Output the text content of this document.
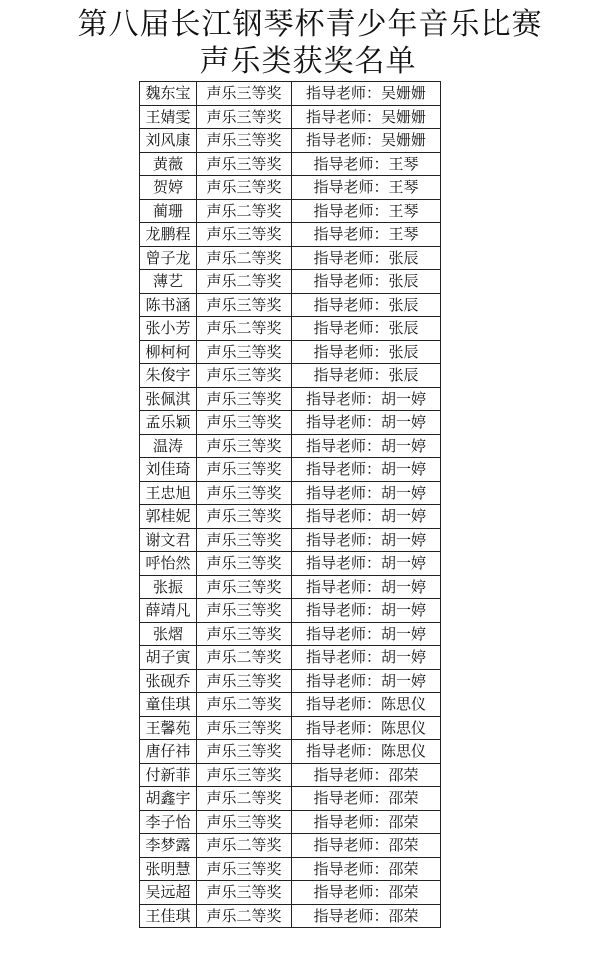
第八届长江钢琴杯青少年音乐比赛
声乐类获奖名单
魏东宝	声乐三等奖	指导老师：吴姗姗
王婧雯	声乐三等奖	指导老师：吴姗姗
刘风康	声乐三等奖	指导老师：吴姗姗
黄薇	声乐三等奖	指导老师：王琴
贺婷	声乐三等奖	指导老师：王琴
蔺珊	声乐二等奖	指导老师：王琴
龙鹏程	声乐三等奖	指导老师：王琴
曾子龙	声乐二等奖	指导老师：张辰
薄艺	声乐二等奖	指导老师：张辰
陈书涵	声乐三等奖	指导老师：张辰
张小芳	声乐二等奖	指导老师：张辰
柳柯柯	声乐三等奖	指导老师：张辰
朱俊宇	声乐三等奖	指导老师：张辰
张佩淇	声乐三等奖	指导老师：胡一婷
孟乐颖	声乐三等奖	指导老师：胡一婷
温涛	声乐三等奖	指导老师：胡一婷
刘佳琦	声乐三等奖	指导老师：胡一婷
王忠旭	声乐三等奖	指导老师：胡一婷
郭桂妮	声乐三等奖	指导老师：胡一婷
谢文君	声乐三等奖	指导老师：胡一婷
呼怡然	声乐三等奖	指导老师：胡一婷
张振	声乐三等奖	指导老师：胡一婷
薛靖凡	声乐三等奖	指导老师：胡一婷
张熠	声乐三等奖	指导老师：胡一婷
胡子寅	声乐二等奖	指导老师：胡一婷
张砚乔	声乐三等奖	指导老师：胡一婷
童佳琪	声乐二等奖	指导老师：陈思仪
王馨苑	声乐三等奖	指导老师：陈思仪
唐仔祎	声乐三等奖	指导老师：陈思仪
付新菲	声乐三等奖	指导老师：邵荣
胡鑫宇	声乐二等奖	指导老师：邵荣
李子怡	声乐三等奖	指导老师：邵荣
李梦露	声乐二等奖	指导老师：邵荣
张明慧	声乐三等奖	指导老师：邵荣
吴远超	声乐三等奖	指导老师：邵荣
王佳琪	声乐二等奖	指导老师：邵荣
